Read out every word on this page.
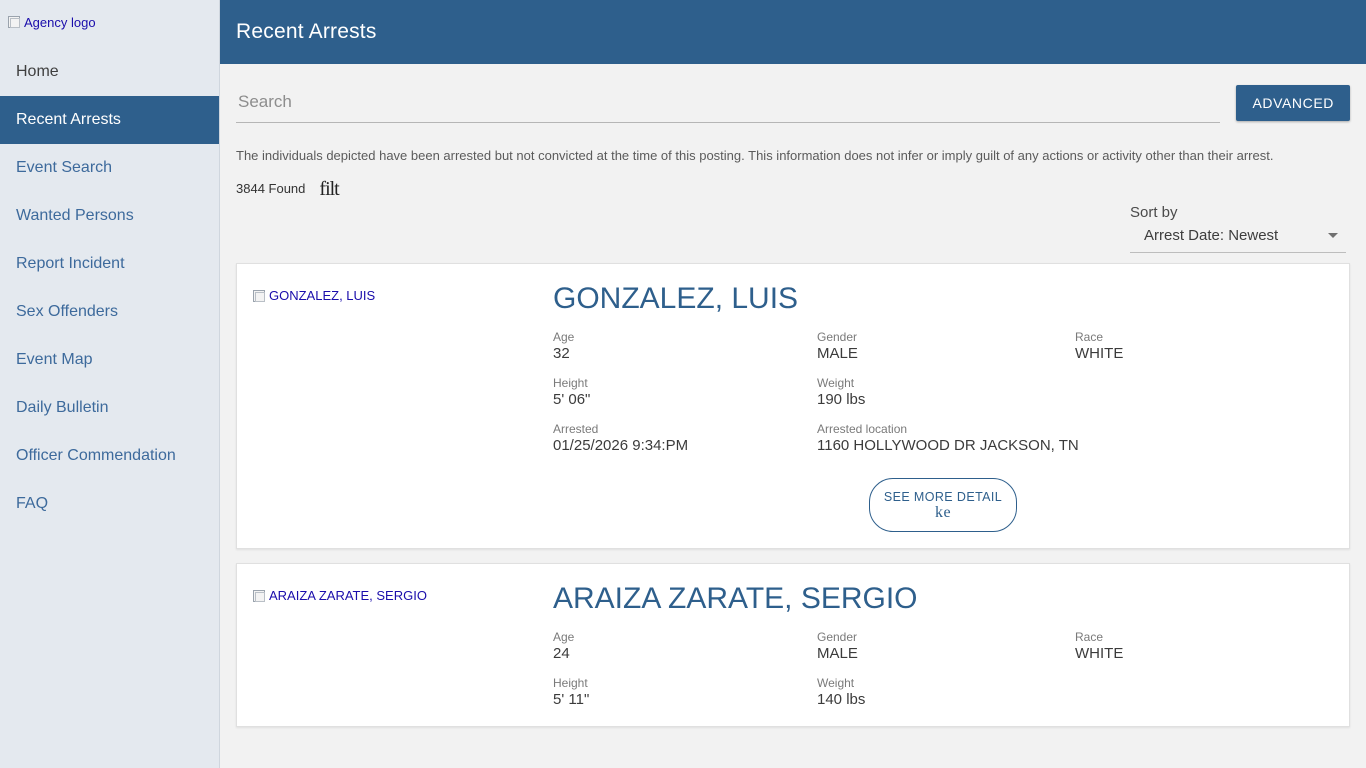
Agency logo
Home
Recent Arrests
Event Search
Wanted Persons
Report Incident
Sex Offenders
Event Map
Daily Bulletin
Officer Commendation
FAQ
Recent Arrests
Search
ADVANCED
The individuals depicted have been arrested but not convicted at the time of this posting. This information does not infer or imply guilt of any actions or activity other than their arrest.
3844 Found filt
Sort by
Arrest Date: Newest
GONZALEZ, LUIS	GONZALEZ, LUIS
Age
32
Gender
MALE
Race
WHITE
Height
5' 06"
Weight
190 lbs
Arrested
01/25/2026 9:34:PM
Arrested location
1160 HOLLYWOOD DR JACKSON, TN
SEE MORE DETAIL
ke
ARAIZA ZARATE, SERGIO	ARAIZA ZARATE, SERGIO
Age
24
Gender
MALE
Race
WHITE
Height
5' 11"
Weight
140 lbs
